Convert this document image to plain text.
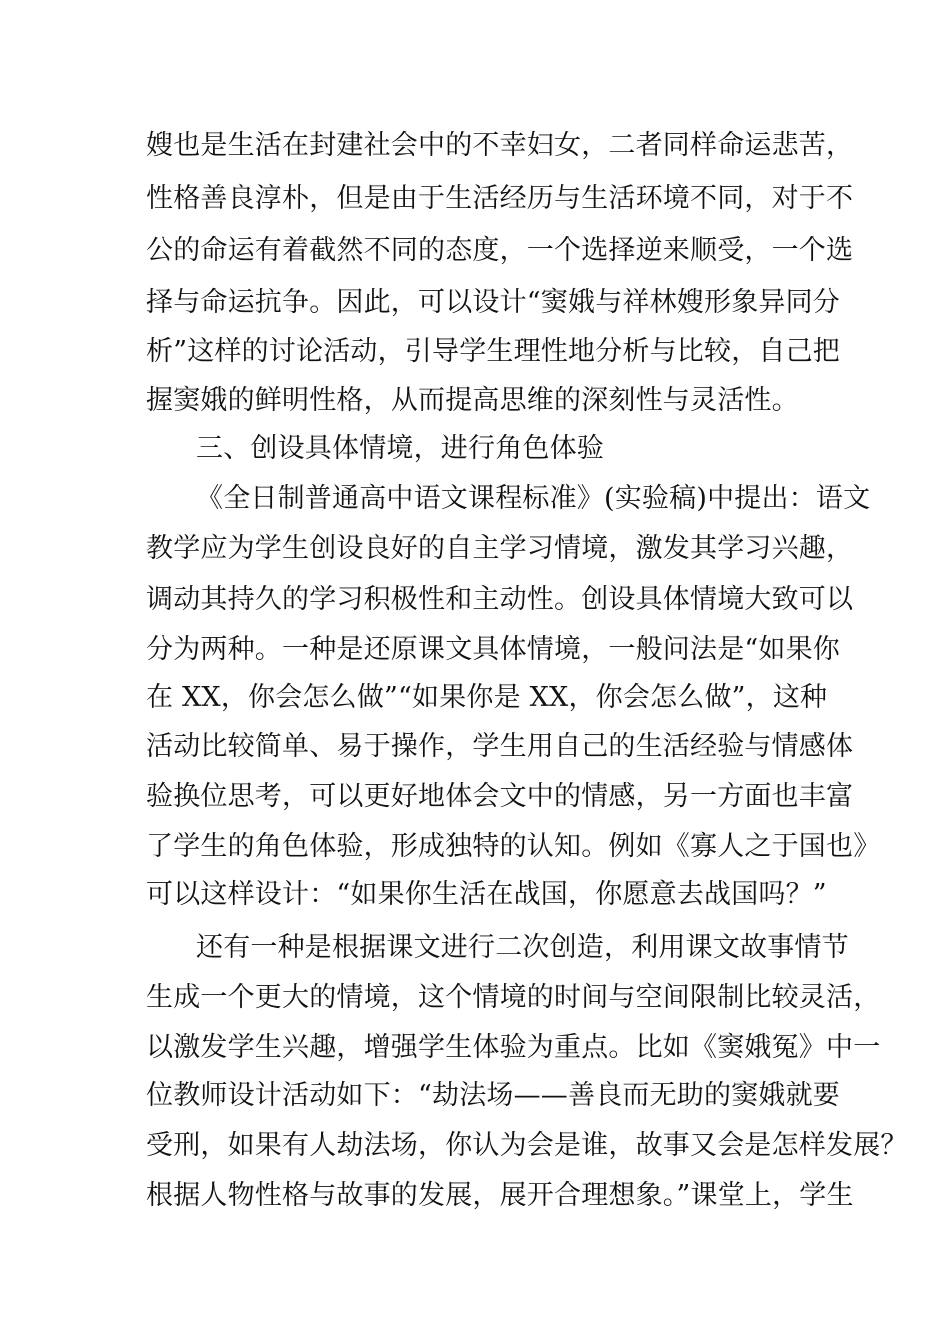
嫂也是生活在封建社会中的不幸妇女，二者同样命运悲苦，
性格善良淳朴，但是由于生活经历与生活环境不同，对于不
公的命运有着截然不同的态度，一个选择逆来顺受，一个选
择与命运抗争。因此，可以设计“窦娥与祥林嫂形象异同分
析”这样的讨论活动，引导学生理性地分析与比较，自己把
握窦娥的鲜明性格，从而提高思维的深刻性与灵活性。
三、创设具体情境，进行角色体验
《全日制普通高中语文课程标准》(实验稿)中提出：语文
教学应为学生创设良好的自主学习情境，激发其学习兴趣，
调动其持久的学习积极性和主动性。创设具体情境大致可以
分为两种。一种是还原课文具体情境，一般问法是“如果你
在 XX，你会怎么做”“如果你是 XX，你会怎么做”，这种
活动比较简单、易于操作，学生用自己的生活经验与情感体
验换位思考，可以更好地体会文中的情感，另一方面也丰富
了学生的角色体验，形成独特的认知。例如《寡人之于国也》
可以这样设计：“如果你生活在战国，你愿意去战国吗？”
还有一种是根据课文进行二次创造，利用课文故事情节
生成一个更大的情境，这个情境的时间与空间限制比较灵活，
以激发学生兴趣，增强学生体验为重点。比如《窦娥冤》中一
位教师设计活动如下：“劫法场——善良而无助的窦娥就要
受刑，如果有人劫法场，你认为会是谁，故事又会是怎样发展？
根据人物性格与故事的发展，展开合理想象。”课堂上，学生
